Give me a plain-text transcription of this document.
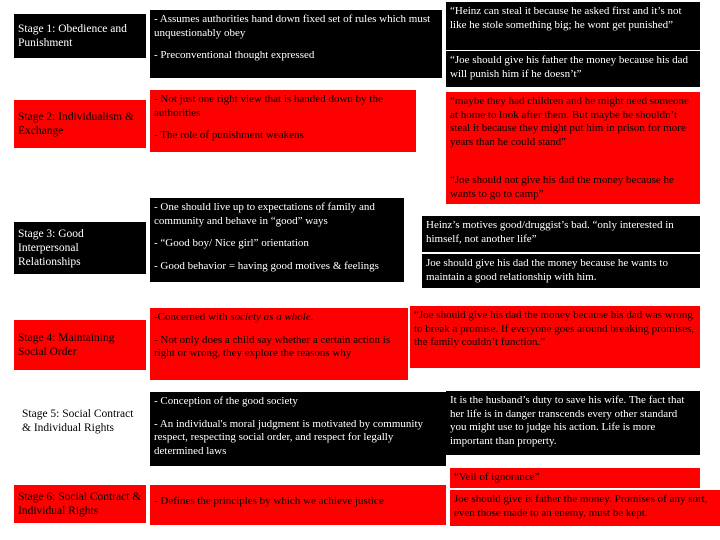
Stage 1: Obedience and Punishment
- Assumes authorities hand down fixed set of rules which must unquestionably obey
- Preconventional thought expressed
“Heinz can steal it because he asked first and it’s not like he stole something big; he wont get punished”
“Joe should give his father the money because his dad will punish him if he doesn’t”
Stage 2: Individualism & Exchange
- Not just one right view that is handed down by the authorities
- The role of punishment weakens
“maybe they had children and he might need someone at home to look after them. But maybe he shouldn’t steal it because they might put him in prison for more years than he could stand”
“Joe should not give his dad the money because he wants to go to camp”
Stage 3: Good Interpersonal Relationships
- One should live up to expectations of family and community and behave in “good” ways
- “Good boy/ Nice girl” orientation
- Good behavior = having good motives & feelings
Heinz’s motives good/druggist’s bad. “only interested in himself, not another life”
Joe should give his dad the money because he wants to maintain a good relationship with him.
Stage 4: Maintaining Social Order
-Concerned with society as a whole.
- Not only does a child say whether a certain action is right or wrong, they explore the reasons why
“Joe should give his dad the money because his dad was wrong to break a promise. If everyone goes around breaking promises, the family couldn’t function.”
Stage 5: Social Contract & Individual Rights
- Conception of the good society
- An individual's moral judgment is motivated by community respect, respecting social order, and respect for legally determined laws
It is the husband’s duty to save his wife. The fact that her life is in danger transcends every other standard you might use to judge his action. Life is more important than property.
Stage 6: Social Contract & Individual Rights
- Defines the principles by which we achieve justice
“Veil of ignorance”
Joe should give is father the money. Promises of any sort, even those made to an enemy, must be kept.
